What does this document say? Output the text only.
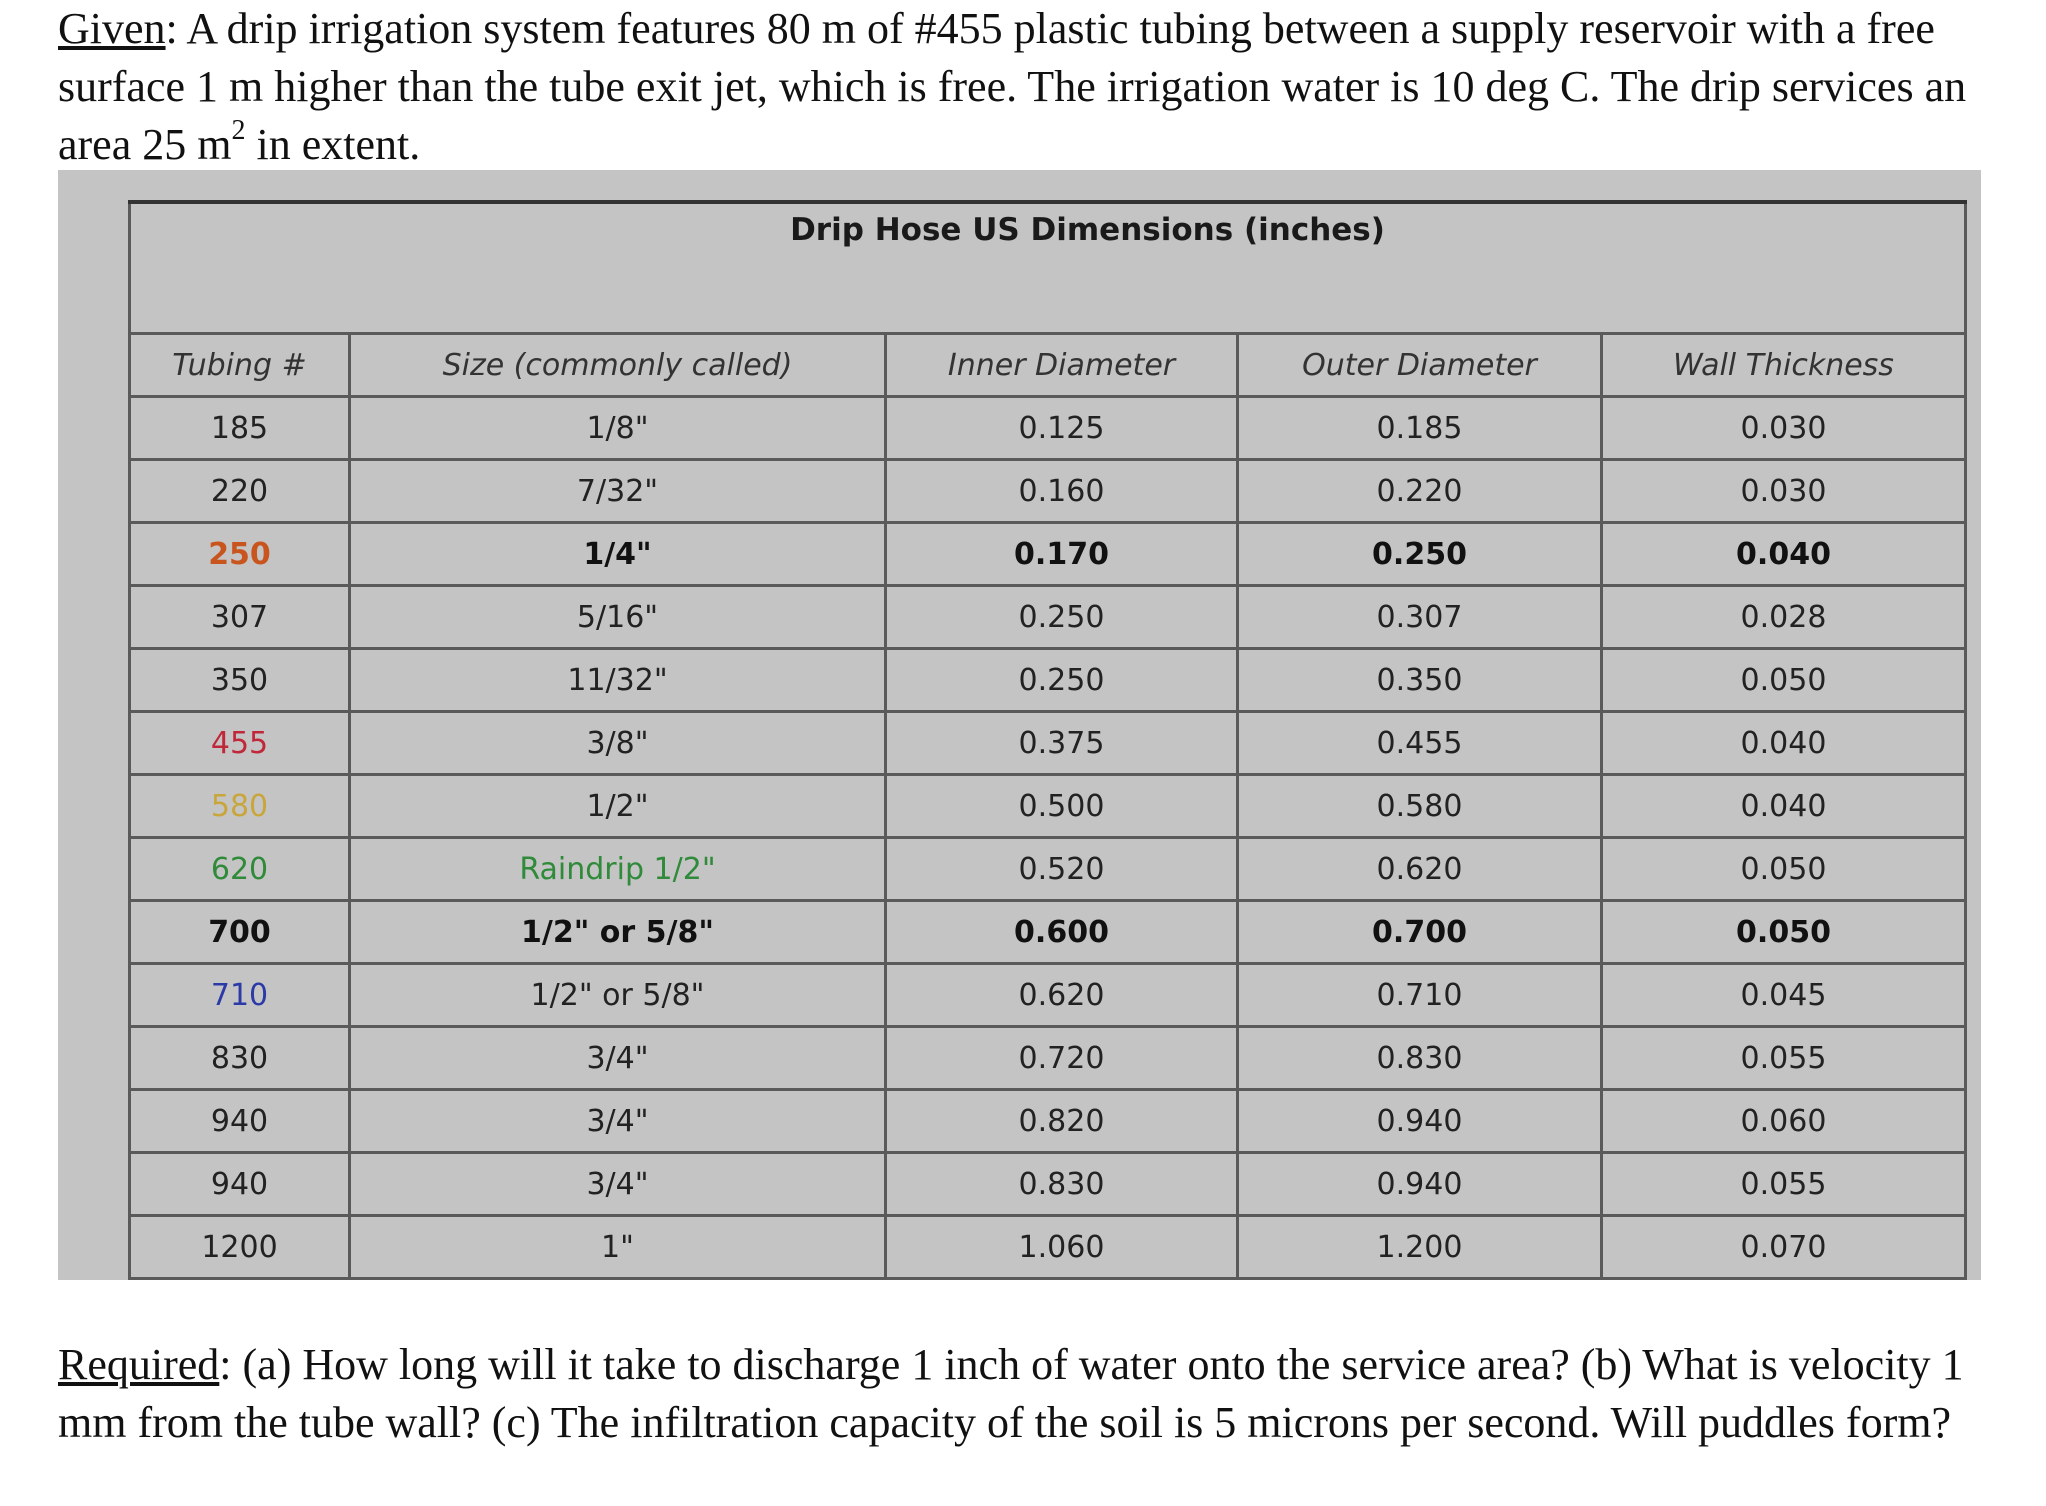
Given: A drip irrigation system features 80 m of #455 plastic tubing between a supply reservoir with a free surface 1 m higher than the tube exit jet, which is free. The irrigation water is 10 deg C. The drip services an area 25 $m^2$ in extent.

Drip Hose US Dimensions (inches)				
Tubing #	Size (commonly called)	Inner Diameter	Outer Diameter	Wall Thickness
185	1/8"	0.125	0.185	0.030
220	7/32"	0.160	0.220	0.030
250	1/4"	0.170	0.250	0.040
307	5/16"	0.250	0.307	0.028
350	11/32"	0.250	0.350	0.050
455	3/8"	0.375	0.455	0.040
580	1/2"	0.500	0.580	0.040
620	Raindrip 1/2"	0.520	0.620	0.050
700	1/2" or 5/8"	0.600	0.700	0.050
710	1/2" or 5/8"	0.620	0.710	0.045
830	3/4"	0.720	0.830	0.055
940	3/4"	0.820	0.940	0.060
940	3/4"	0.830	0.940	0.055
1200	1"	1.060	1.200	0.070

Required: (a) How long will it take to discharge 1 inch of water onto the service area? (b) What is velocity 1 mm from the tube wall? (c) The infiltration capacity of the soil is 5 microns per second. Will puddles form?
